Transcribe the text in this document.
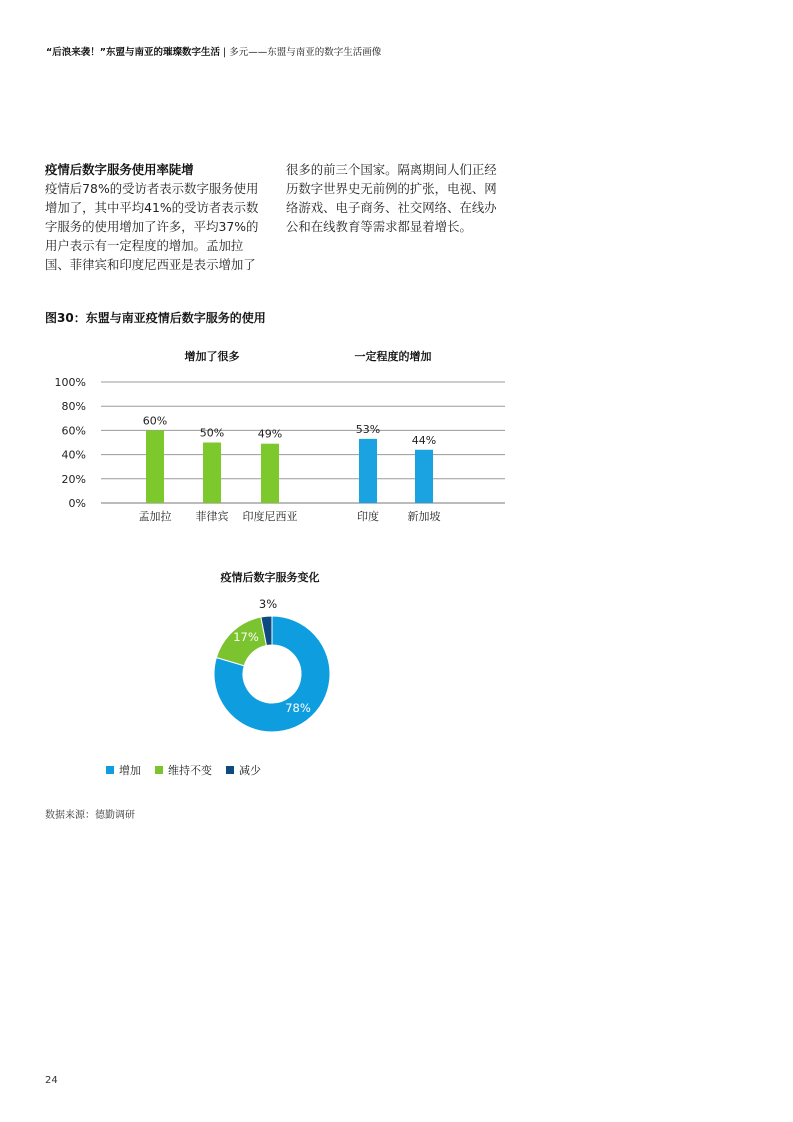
“后浪来袭！”东盟与南亚的璀璨数字生活 | 多元——东盟与南亚的数字生活画像
疫情后数字服务使用率陡增
疫情后78%的受访者表示数字服务使用增加了，其中平均41%的受访者表示数字服务的使用增加了许多，平均37%的用户表示有一定程度的增加。孟加拉国、菲律宾和印度尼西亚是表示增加了
很多的前三个国家。隔离期间人们正经历数字世界史无前例的扩张，电视、网络游戏、电子商务、社交网络、在线办公和在线教育等需求都显着增长。
图30：东盟与南亚疫情后数字服务的使用
0%
20%
40%
60%
80%
100%
增加了很多
60%
孟加拉
50%
菲律宾
49%
印度尼西亚
一定程度的增加
53%
印度
44%
新加坡
疫情后数字服务变化
78%
17%
3%
增加 维持不变 减少
数据来源：德勤调研
24
